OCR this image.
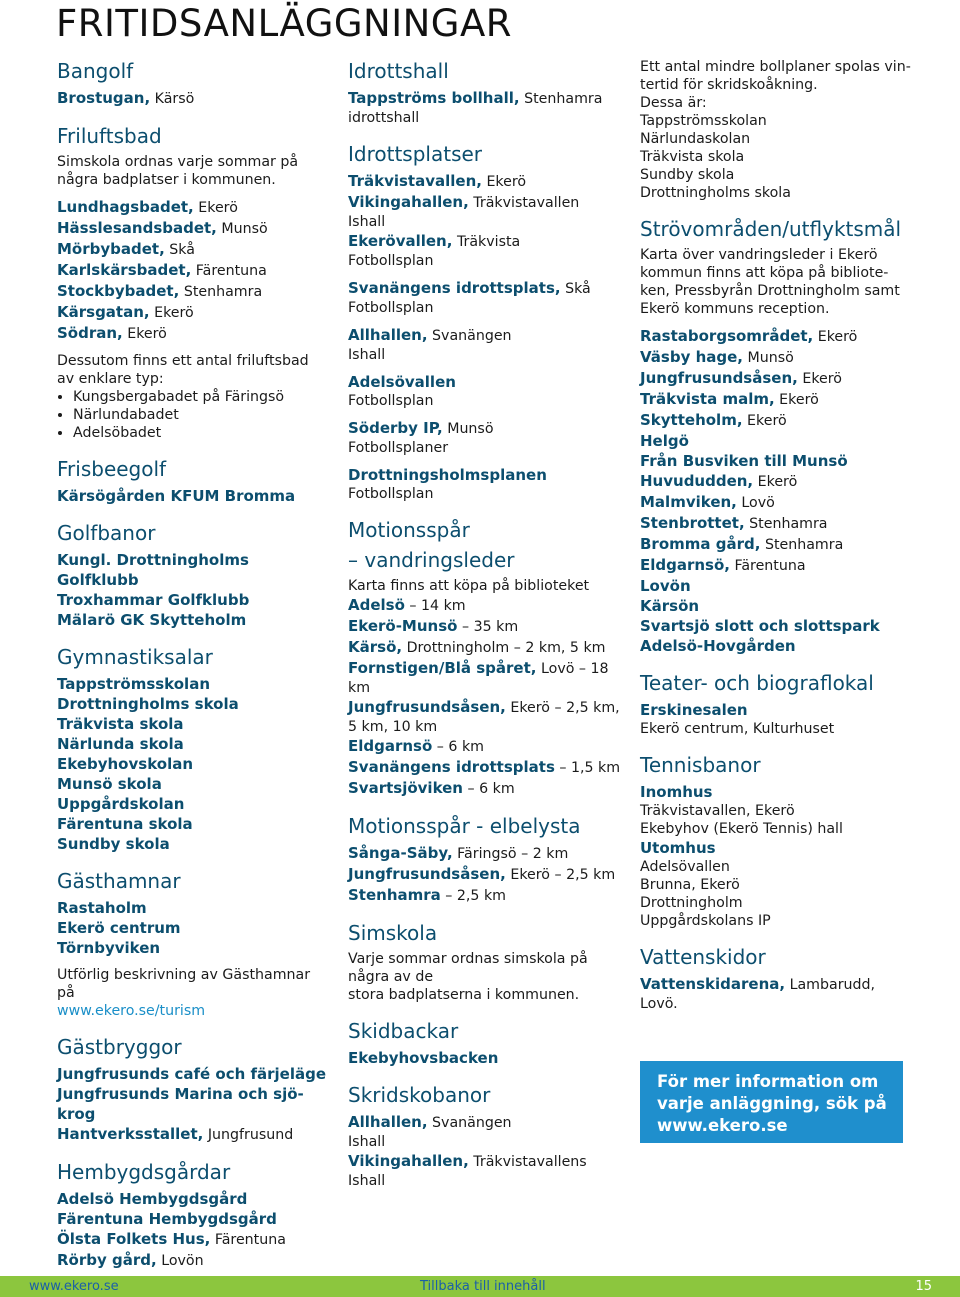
FRITIDSANLÄGGNINGAR
Bangolf
Brostugan, Kärsö
Friluftsbad
Simskola ordnas varje sommar på
några badplatser i kommunen.
Lundhagsbadet, Ekerö
Hässlesandsbadet, Munsö
Mörbybadet, Skå
Karlskärsbadet, Färentuna
Stockbybadet, Stenhamra
Kärsgatan, Ekerö
Södran, Ekerö
Dessutom finns ett antal friluftsbad
av enklare typ:
• Kungsbergabadet på Färingsö
• Närlundabadet
• Adelsöbadet
Frisbeegolf
Kärsögården KFUM Bromma
Golfbanor
Kungl. Drottningholms Golfklubb
Troxhammar Golfklubb
Mälarö GK Skytteholm
Gymnastiksalar
Tappströmsskolan
Drottningholms skola
Träkvista skola
Närlunda skola
Ekebyhovskolan
Munsö skola
Uppgårdskolan
Färentuna skola
Sundby skola
Gästhamnar
Rastaholm
Ekerö centrum
Törnbyviken
Utförlig beskrivning av Gästhamnar på
www.ekero.se/turism
Gästbryggor
Jungfrusunds café och färjeläge
Jungfrusunds Marina och sjö-
krog
Hantverksstallet, Jungfrusund
Hembygdsgårdar
Adelsö Hembygdsgård
Färentuna Hembygdsgård
Ölsta Folkets Hus, Färentuna
Rörby gård, Lovön
Idrottshall
Tappströms bollhall, Stenhamra
idrottshall
Idrottsplatser
Träkvistavallen, Ekerö
Vikingahallen, Träkvistavallen
Ishall
Ekerövallen, Träkvista
Fotbollsplan
Svanängens idrottsplats, Skå
Fotbollsplan
Allhallen, Svanängen
Ishall
Adelsövallen
Fotbollsplan
Söderby IP, Munsö
Fotbollsplaner
Drottningsholmsplanen
Fotbollsplan
Motionsspår
– vandringsleder
Karta finns att köpa på biblioteket
Adelsö – 14 km
Ekerö-Munsö – 35 km
Kärsö, Drottningholm – 2 km, 5 km
Fornstigen/Blå spåret, Lovö – 18
km
Jungfrusundsåsen, Ekerö – 2,5 km,
5 km, 10 km
Eldgarnsö – 6 km
Svanängens idrottsplats – 1,5 km
Svartsjöviken – 6 km
Motionsspår - elbelysta
Sånga-Säby, Färingsö – 2 km
Jungfrusundsåsen, Ekerö – 2,5 km
Stenhamra – 2,5 km
Simskola
Varje sommar ordnas simskola på
några av de
stora badplatserna i kommunen.
Skidbackar
Ekebyhovsbacken
Skridskobanor
Allhallen, Svanängen
Ishall
Vikingahallen, Träkvistavallens
Ishall
Ett antal mindre bollplaner spolas vin-
tertid för skridskoåkning.
Dessa är:
Tappströmsskolan
Närlundaskolan
Träkvista skola
Sundby skola
Drottningholms skola
Strövområden/utflyktsmål
Karta över vandringsleder i Ekerö
kommun finns att köpa på bibliote-
ken, Pressbyrån Drottningholm samt
Ekerö kommuns reception.
Rastaborgsområdet, Ekerö
Väsby hage, Munsö
Jungfrusundsåsen, Ekerö
Träkvista malm, Ekerö
Skytteholm, Ekerö
Helgö
Från Busviken till Munsö
Huvududden, Ekerö
Malmviken, Lovö
Stenbrottet, Stenhamra
Bromma gård, Stenhamra
Eldgarnsö, Färentuna
Lovön
Kärsön
Svartsjö slott och slottspark
Adelsö-Hovgården
Teater- och biograflokal
Erskinesalen
Ekerö centrum, Kulturhuset
Tennisbanor
Inomhus
Träkvistavallen, Ekerö
Ekebyhov (Ekerö Tennis) hall
Utomhus
Adelsövallen
Brunna, Ekerö
Drottningholm
Uppgårdskolans IP
Vattenskidor
Vattenskidarena, Lambarudd,
Lovö.
För mer information om
varje anläggning, sök på
www.ekero.se
www.ekero.se	Tillbaka till innehåll	15
